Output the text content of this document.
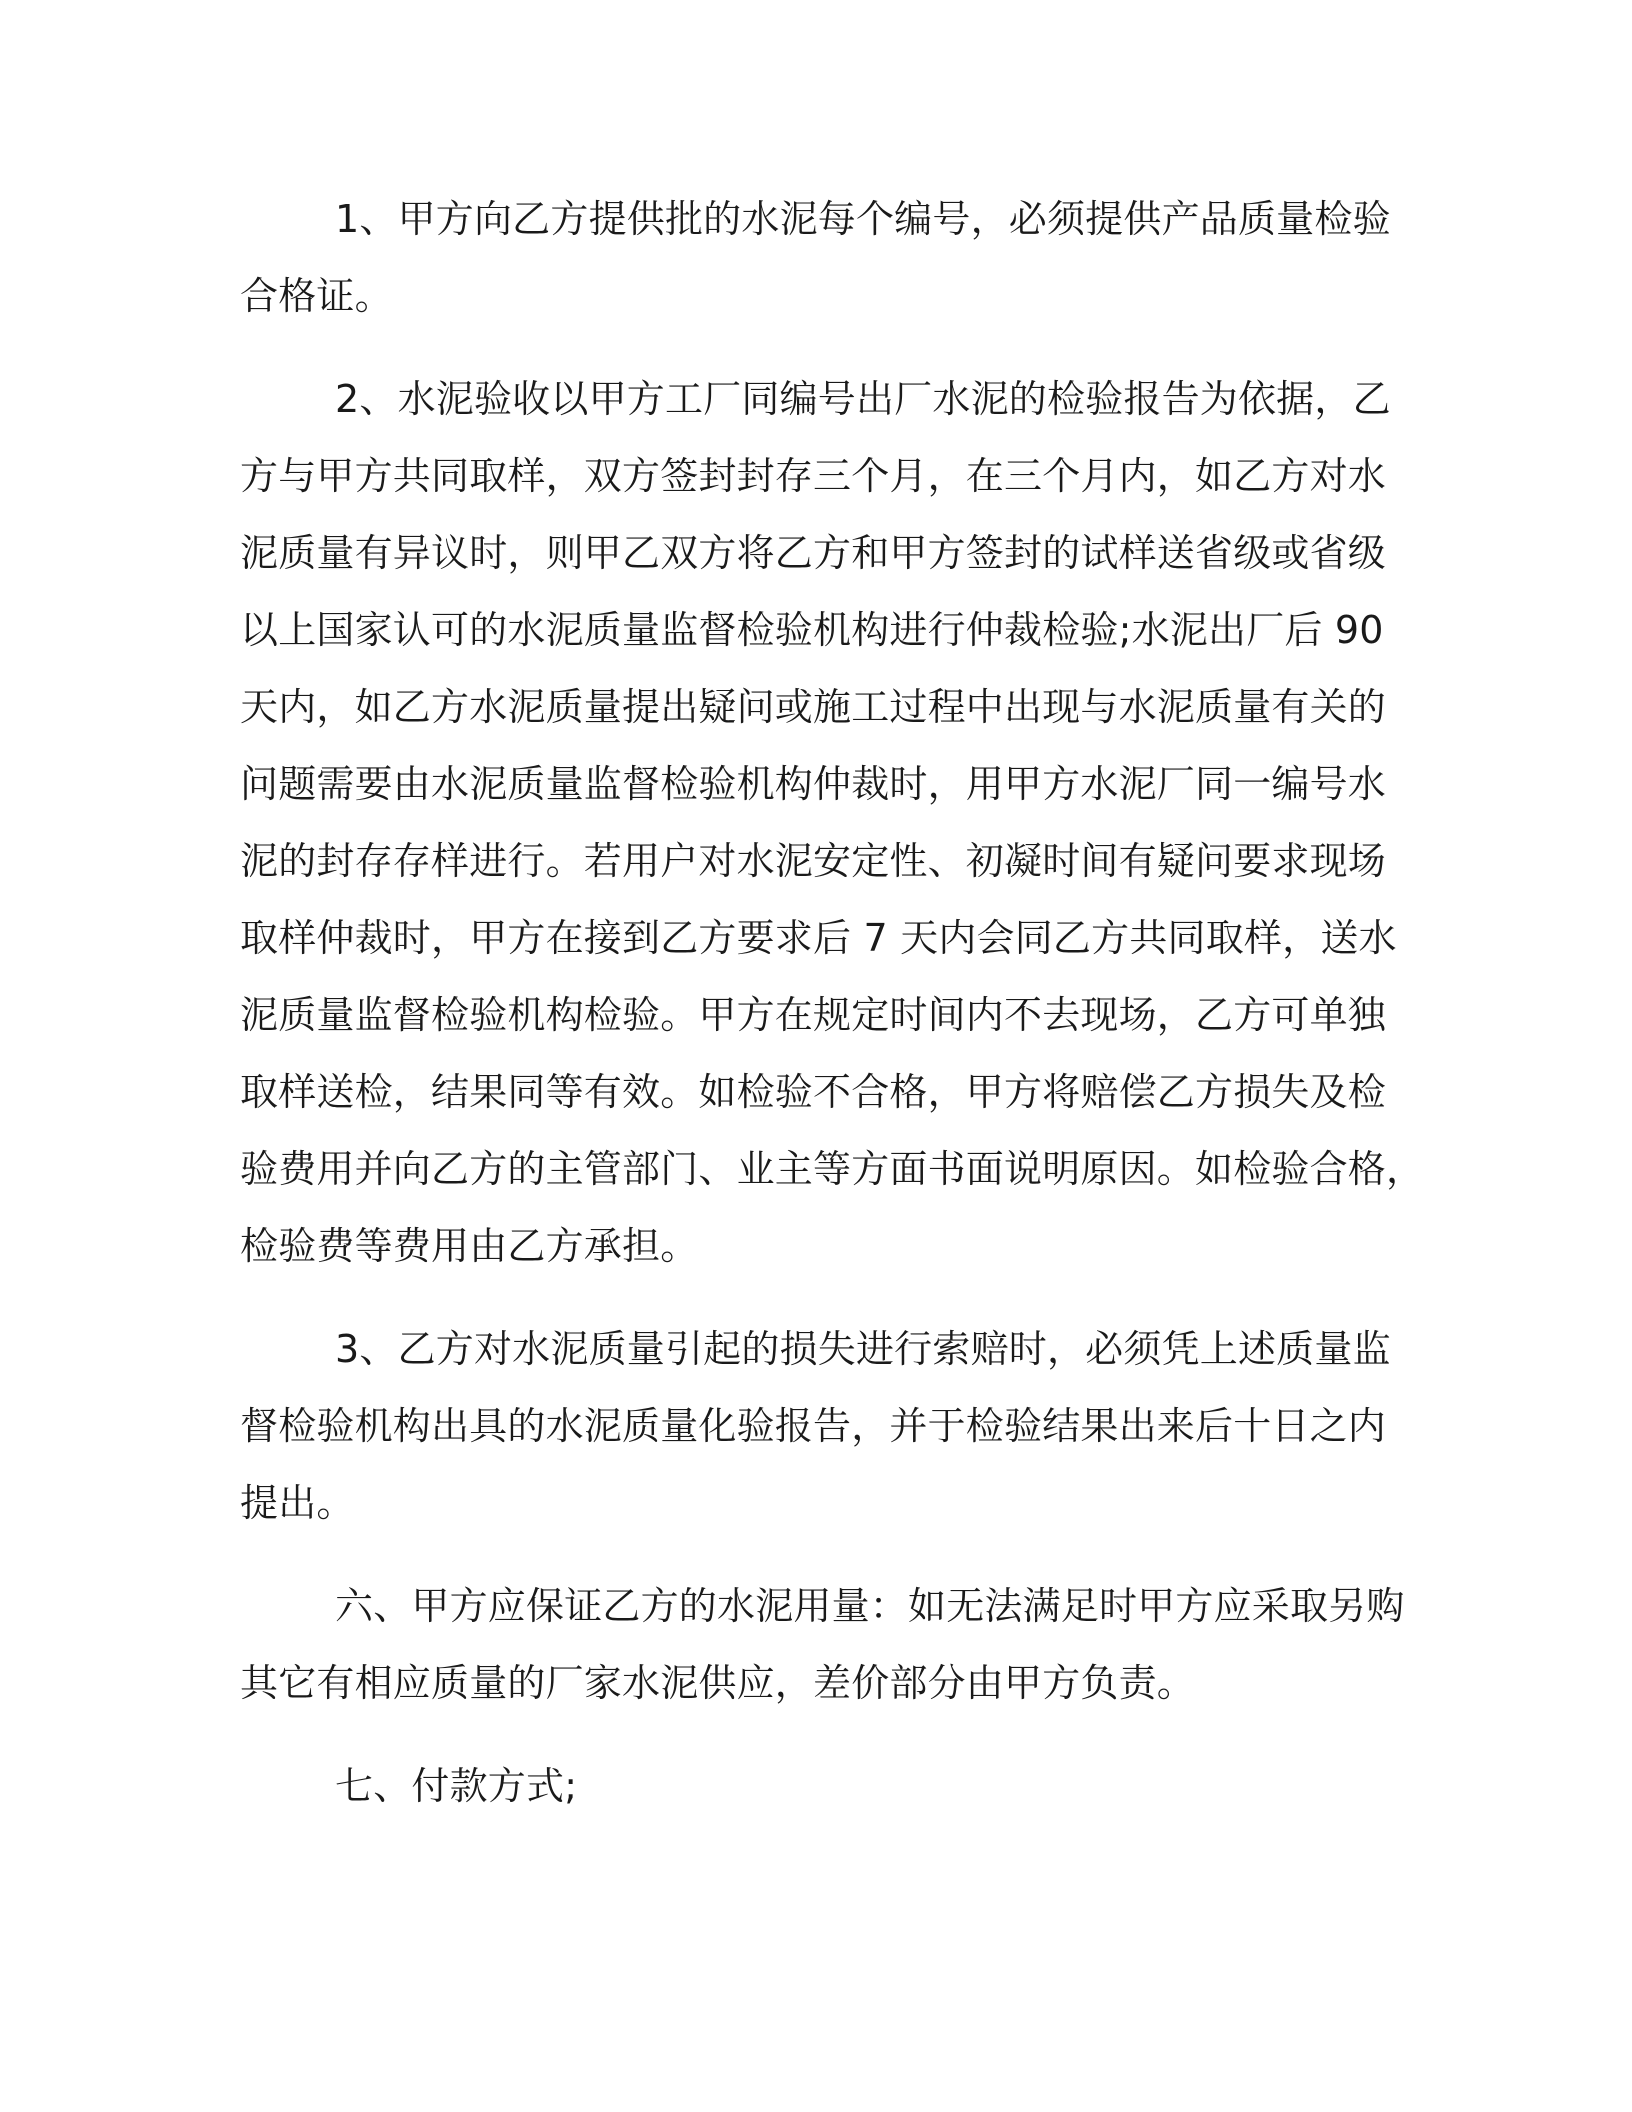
1、甲方向乙方提供批的水泥每个编号，必须提供产品质量检验

合格证。

2、水泥验收以甲方工厂同编号出厂水泥的检验报告为依据，乙

方与甲方共同取样，双方签封封存三个月，在三个月内，如乙方对水

泥质量有异议时，则甲乙双方将乙方和甲方签封的试样送省级或省级

以上国家认可的水泥质量监督检验机构进行仲裁检验;水泥出厂后 90

天内，如乙方水泥质量提出疑问或施工过程中出现与水泥质量有关的

问题需要由水泥质量监督检验机构仲裁时，用甲方水泥厂同一编号水

泥的封存存样进行。若用户对水泥安定性、初凝时间有疑问要求现场

取样仲裁时，甲方在接到乙方要求后 7 天内会同乙方共同取样，送水

泥质量监督检验机构检验。甲方在规定时间内不去现场，乙方可单独

取样送检，结果同等有效。如检验不合格，甲方将赔偿乙方损失及检

验费用并向乙方的主管部门、业主等方面书面说明原因。如检验合格，

检验费等费用由乙方承担。

3、乙方对水泥质量引起的损失进行索赔时，必须凭上述质量监

督检验机构出具的水泥质量化验报告，并于检验结果出来后十日之内

提出。

六、甲方应保证乙方的水泥用量：如无法满足时甲方应采取另购

其它有相应质量的厂家水泥供应，差价部分由甲方负责。

七、付款方式;
